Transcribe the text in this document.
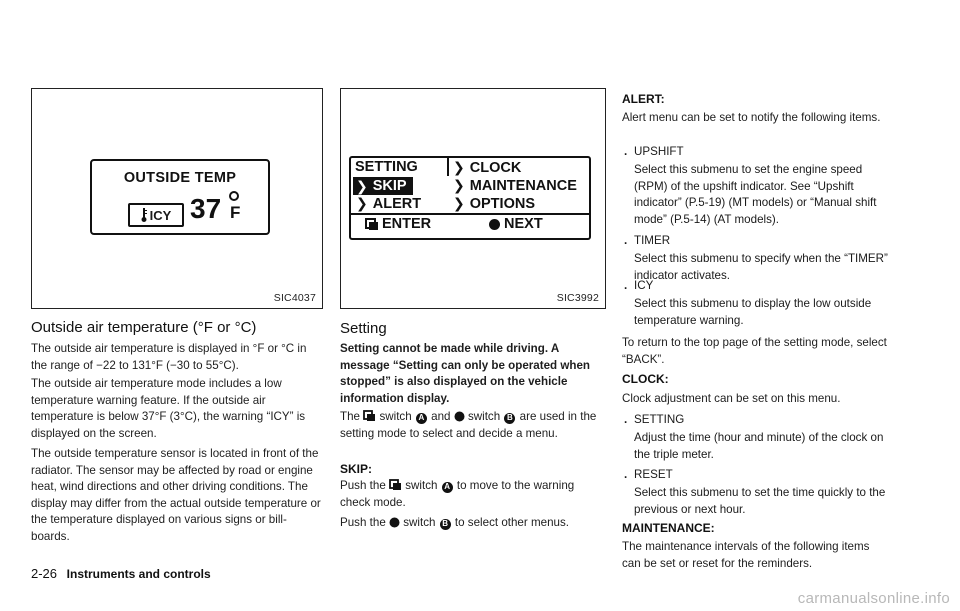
OUTSIDE TEMP
ICY 37 F
SIC4037
Outside air temperature (°F or °C)
The outside air temperature is displayed in °F or °C in the range of −22 to 131°F (−30 to 55°C).
The outside air temperature mode includes a low temperature warning feature. If the outside air temperature is below 37°F (3°C), the warning “ICY” is displayed on the screen.
The outside temperature sensor is located in front of the radiator. The sensor may be affected by road or engine heat, wind directions and other driving conditions. The display may differ from the actual outside temperature or the temperature displayed on various signs or bill-boards.
SETTING	❯ CLOCK
❯ SKIP	❯ MAINTENANCE
❯ ALERT ❯ OPTIONS
ENTER	NEXT
SIC3992
Setting
Setting cannot be made while driving. A message “Setting can only be operated when stopped” is also displayed on the vehicle information display.
The switch A and switch B are used in the setting mode to select and decide a menu.
SKIP:
Push the switch A to move to the warning check mode.
Push the switch B to select other menus.
ALERT:
Alert menu can be set to notify the following items.
. UPSHIFT
Select this submenu to set the engine speed (RPM) of the upshift indicator. See “Upshift indicator” (P.5-19) (MT models) or “Manual shift mode” (P.5-14) (AT models).
. TIMER
Select this submenu to specify when the “TIMER” indicator activates.
. ICY
Select this submenu to display the low outside temperature warning.
To return to the top page of the setting mode, select “BACK”.
CLOCK:
Clock adjustment can be set on this menu.
. SETTING
Adjust the time (hour and minute) of the clock on the triple meter.
. RESET
Select this submenu to set the time quickly to the previous or next hour.
MAINTENANCE:
The maintenance intervals of the following items can be set or reset for the reminders.
2-26 Instruments and controls
carmanualsonline.info
